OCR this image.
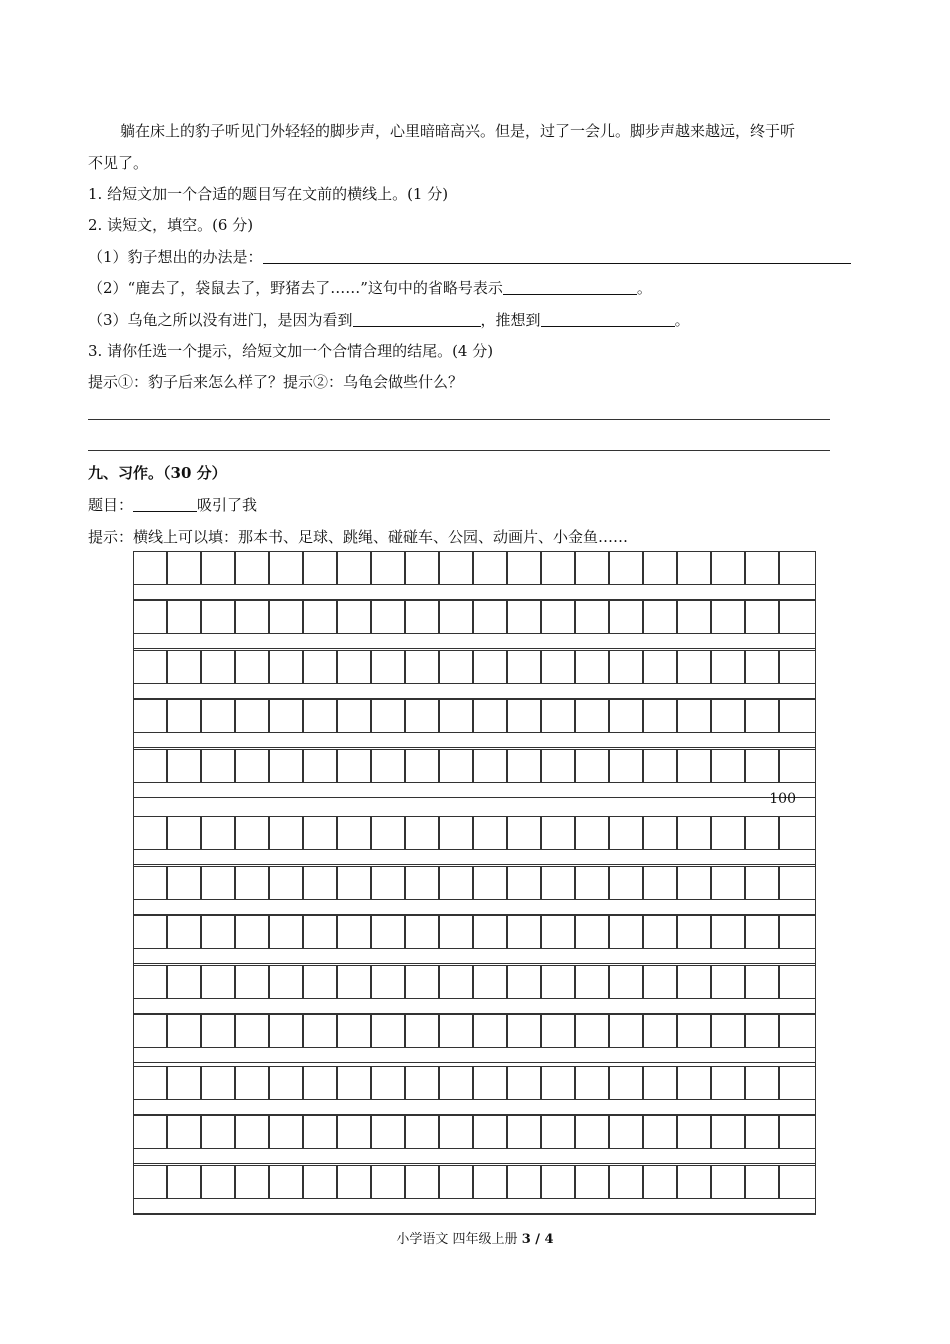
躺在床上的豹子听见门外轻轻的脚步声，心里暗暗高兴。但是，过了一会儿。脚步声越来越远，终于听
不见了。
1. 给短文加一个合适的题目写在文前的横线上。(1 分)
2. 读短文，填空。(6 分)
（1）豹子想出的办法是：
（2）“鹿去了，袋鼠去了，野猪去了……”这句中的省略号表示	。
（3）乌龟之所以没有进门，是因为看到	，推想到	。
3. 请你任选一个提示，给短文加一个合情合理的结尾。(4 分)
提示①：豹子后来怎么样了？提示②：乌龟会做些什么？
九、习作。（30 分）
题目：	吸引了我
提示：横线上可以填：那本书、足球、跳绳、碰碰车、公园、动画片、小金鱼……
100
小学语文 四年级上册 3 / 4
